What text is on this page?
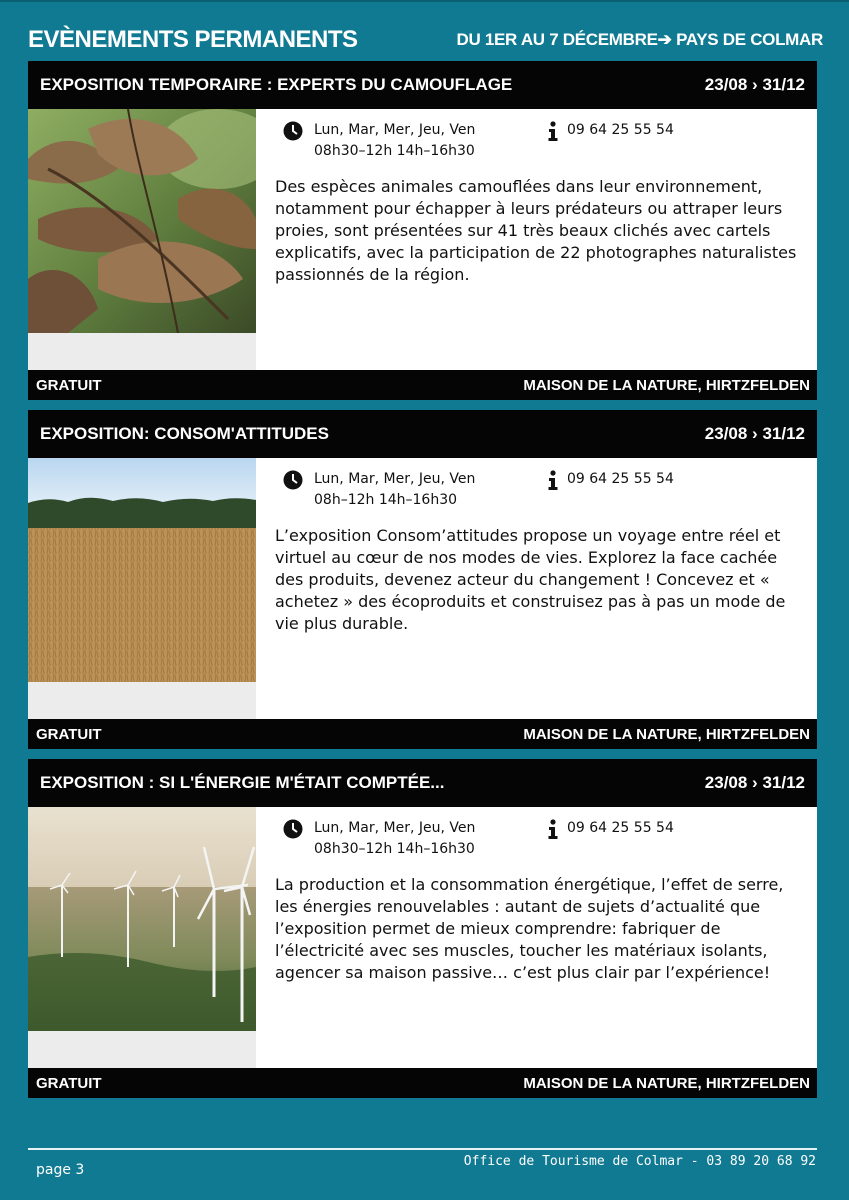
EVÈNEMENTS PERMANENTS	DU 1ER AU 7 DÉCEMBRE➔ PAYS DE COLMAR
EXPOSITION TEMPORAIRE : EXPERTS DU CAMOUFLAGE	23/08 › 31/12
Lun, Mar, Mer, Jeu, Ven
08h30–12h 14h–16h30
09 64 25 55 54
Des espèces animales camouflées dans leur environnement, notamment pour échapper à leurs prédateurs ou attraper leurs proies, sont présentées sur 41 très beaux clichés avec cartels explicatifs, avec la participation de 22 photographes naturalistes passionnés de la région.
GRATUIT	MAISON DE LA NATURE, HIRTZFELDEN
EXPOSITION: CONSOM'ATTITUDES	23/08 › 31/12
Lun, Mar, Mer, Jeu, Ven
08h–12h 14h–16h30
09 64 25 55 54
L’exposition Consom’attitudes propose un voyage entre réel et virtuel au cœur de nos modes de vies. Explorez la face cachée des produits, devenez acteur du changement ! Concevez et « achetez » des écoproduits et construisez pas à pas un mode de vie plus durable.
GRATUIT	MAISON DE LA NATURE, HIRTZFELDEN
EXPOSITION : SI L'ÉNERGIE M'ÉTAIT COMPTÉE...	23/08 › 31/12
Lun, Mar, Mer, Jeu, Ven
08h30–12h 14h–16h30
09 64 25 55 54
La production et la consommation énergétique, l’effet de serre, les énergies renouvelables : autant de sujets d’actualité que l’exposition permet de mieux comprendre: fabriquer de l’électricité avec ses muscles, toucher les matériaux isolants, agencer sa maison passive… c’est plus clair par l’expérience!
GRATUIT	MAISON DE LA NATURE, HIRTZFELDEN
page 3
Office de Tourisme de Colmar - 03 89 20 68 92
